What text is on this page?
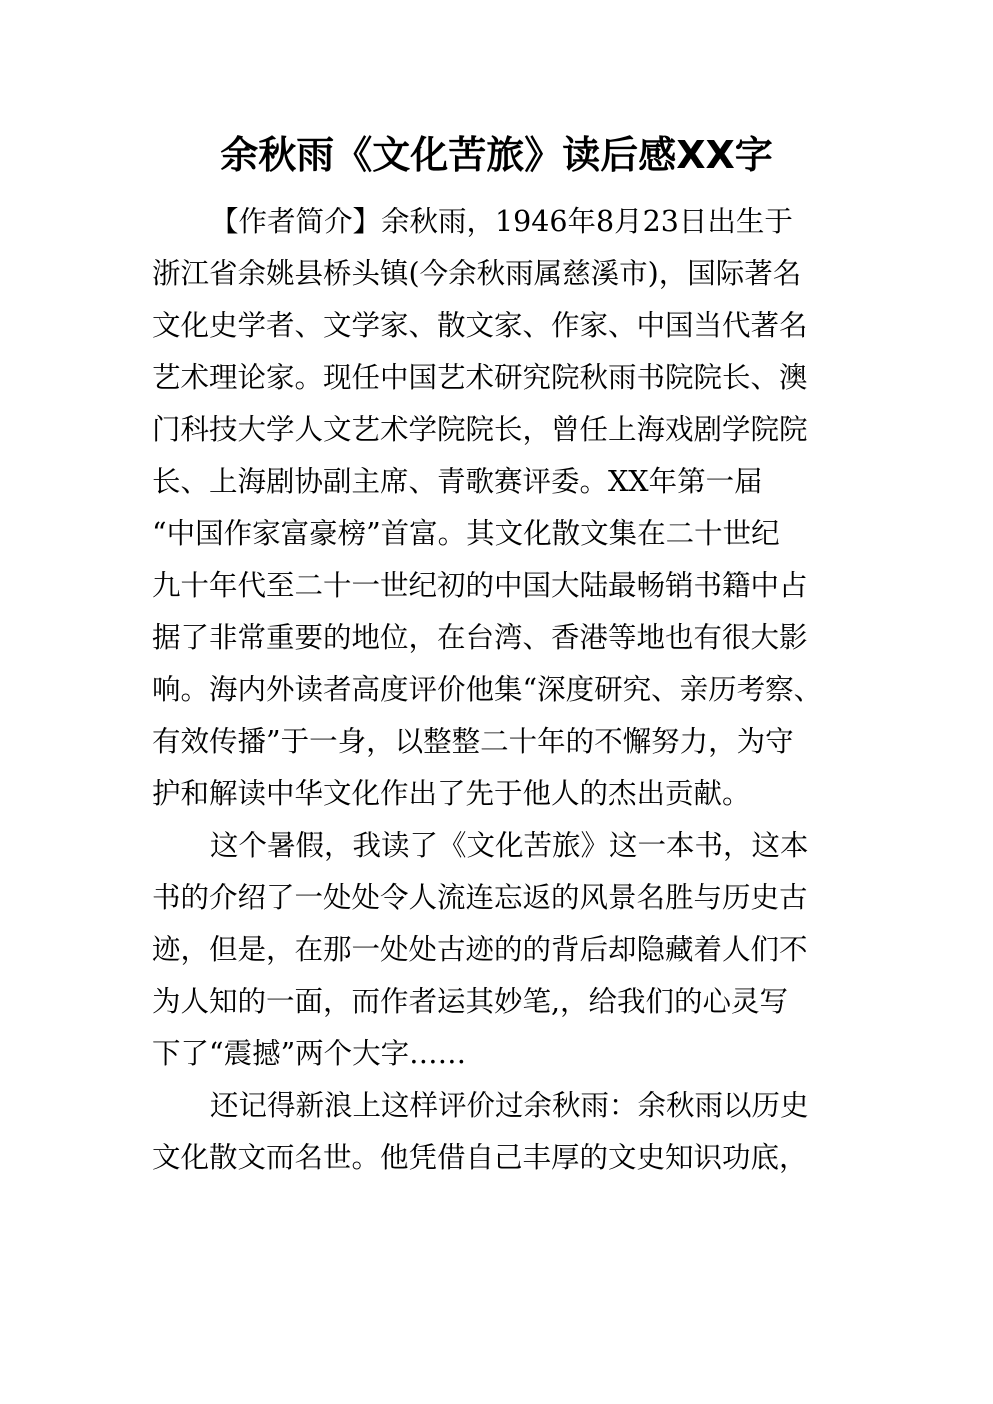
余秋雨《文化苦旅》读后感XX字
【作者简介】余秋雨，1946年8月23日出生于
浙江省余姚县桥头镇(今余秋雨属慈溪市)，国际著名
文化史学者、文学家、散文家、作家、中国当代著名
艺术理论家。现任中国艺术研究院秋雨书院院长、澳
门科技大学人文艺术学院院长，曾任上海戏剧学院院
长、上海剧协副主席、青歌赛评委。XX年第一届
“中国作家富豪榜”首富。其文化散文集在二十世纪
九十年代至二十一世纪初的中国大陆最畅销书籍中占
据了非常重要的地位，在台湾、香港等地也有很大影
响。海内外读者高度评价他集“深度研究、亲历考察、
有效传播”于一身，以整整二十年的不懈努力，为守
护和解读中华文化作出了先于他人的杰出贡献。
这个暑假，我读了《文化苦旅》这一本书，这本
书的介绍了一处处令人流连忘返的风景名胜与历史古
迹，但是，在那一处处古迹的的背后却隐藏着人们不
为人知的一面，而作者运其妙笔,，给我们的心灵写
下了“震撼”两个大字……
还记得新浪上这样评价过余秋雨：余秋雨以历史
文化散文而名世。他凭借自己丰厚的文史知识功底，
